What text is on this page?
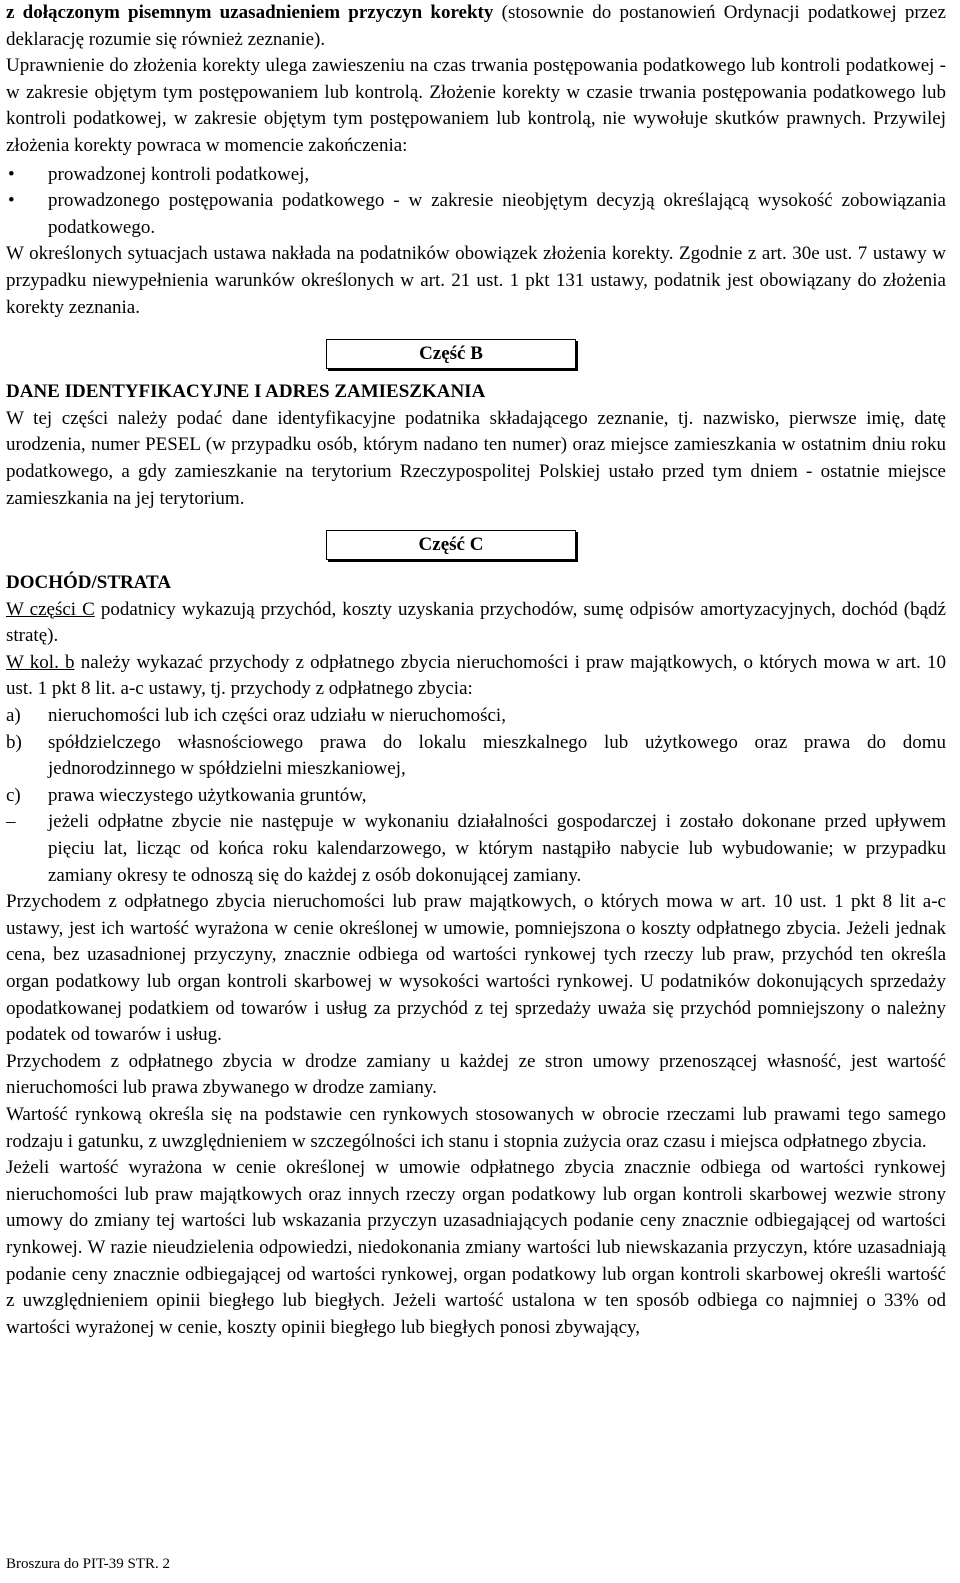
z dołączonym pisemnym uzasadnieniem przyczyn korekty (stosownie do postanowień Ordynacji podatkowej przez deklarację rozumie się również zeznanie).

Uprawnienie do złożenia korekty ulega zawieszeniu na czas trwania postępowania podatkowego lub kontroli podatkowej - w zakresie objętym tym postępowaniem lub kontrolą. Złożenie korekty w czasie trwania postępowania podatkowego lub kontroli podatkowej, w zakresie objętym tym postępowaniem lub kontrolą, nie wywołuje skutków prawnych. Przywilej złożenia korekty powraca w momencie zakończenia:

• prowadzonej kontroli podatkowej,
• prowadzonego postępowania podatkowego - w zakresie nieobjętym decyzją określającą wysokość zobowiązania podatkowego.

W określonych sytuacjach ustawa nakłada na podatników obowiązek złożenia korekty. Zgodnie z art. 30e ust. 7 ustawy w przypadku niewypełnienia warunków określonych w art. 21 ust. 1 pkt 131 ustawy, podatnik jest obowiązany do złożenia korekty zeznania.

Część B
DANE IDENTYFIKACYJNE I ADRES ZAMIESZKANIA

W tej części należy podać dane identyfikacyjne podatnika składającego zeznanie, tj. nazwisko, pierwsze imię, datę urodzenia, numer PESEL (w przypadku osób, którym nadano ten numer) oraz miejsce zamieszkania w ostatnim dniu roku podatkowego, a gdy zamieszkanie na terytorium Rzeczypospolitej Polskiej ustało przed tym dniem - ostatnie miejsce zamieszkania na jej terytorium.

Część C
DOCHÓD/STRATA

W części C podatnicy wykazują przychód, koszty uzyskania przychodów, sumę odpisów amortyzacyjnych, dochód (bądź stratę).

W kol. b należy wykazać przychody z odpłatnego zbycia nieruchomości i praw majątkowych, o których mowa w art. 10 ust. 1 pkt 8 lit. a-c ustawy, tj. przychody z odpłatnego zbycia:

a) nieruchomości lub ich części oraz udziału w nieruchomości,
b) spółdzielczego własnościowego prawa do lokalu mieszkalnego lub użytkowego oraz prawa do domu jednorodzinnego w spółdzielni mieszkaniowej,
c) prawa wieczystego użytkowania gruntów,
– jeżeli odpłatne zbycie nie następuje w wykonaniu działalności gospodarczej i zostało dokonane przed upływem pięciu lat, licząc od końca roku kalendarzowego, w którym nastąpiło nabycie lub wybudowanie; w przypadku zamiany okresy te odnoszą się do każdej z osób dokonującej zamiany.

Przychodem z odpłatnego zbycia nieruchomości lub praw majątkowych, o których mowa w art. 10 ust. 1 pkt 8 lit a-c ustawy, jest ich wartość wyrażona w cenie określonej w umowie, pomniejszona o koszty odpłatnego zbycia. Jeżeli jednak cena, bez uzasadnionej przyczyny, znacznie odbiega od wartości rynkowej tych rzeczy lub praw, przychód ten określa organ podatkowy lub organ kontroli skarbowej w wysokości wartości rynkowej. U podatników dokonujących sprzedaży opodatkowanej podatkiem od towarów i usług za przychód z tej sprzedaży uważa się przychód pomniejszony o należny podatek od towarów i usług.

Przychodem z odpłatnego zbycia w drodze zamiany u każdej ze stron umowy przenoszącej własność, jest wartość nieruchomości lub prawa zbywanego w drodze zamiany.

Wartość rynkową określa się na podstawie cen rynkowych stosowanych w obrocie rzeczami lub prawami tego samego rodzaju i gatunku, z uwzględnieniem w szczególności ich stanu i stopnia zużycia oraz czasu i miejsca odpłatnego zbycia.

Jeżeli wartość wyrażona w cenie określonej w umowie odpłatnego zbycia znacznie odbiega od wartości rynkowej nieruchomości lub praw majątkowych oraz innych rzeczy organ podatkowy lub organ kontroli skarbowej wezwie strony umowy do zmiany tej wartości lub wskazania przyczyn uzasadniających podanie ceny znacznie odbiegającej od wartości rynkowej. W razie nieudzielenia odpowiedzi, niedokonania zmiany wartości lub niewskazania przyczyn, które uzasadniają podanie ceny znacznie odbiegającej od wartości rynkowej, organ podatkowy lub organ kontroli skarbowej określi wartość z uwzględnieniem opinii biegłego lub biegłych. Jeżeli wartość ustalona w ten sposób odbiega co najmniej o 33% od wartości wyrażonej w cenie, koszty opinii biegłego lub biegłych ponosi zbywający,

Broszura do PIT-39 STR. 2
